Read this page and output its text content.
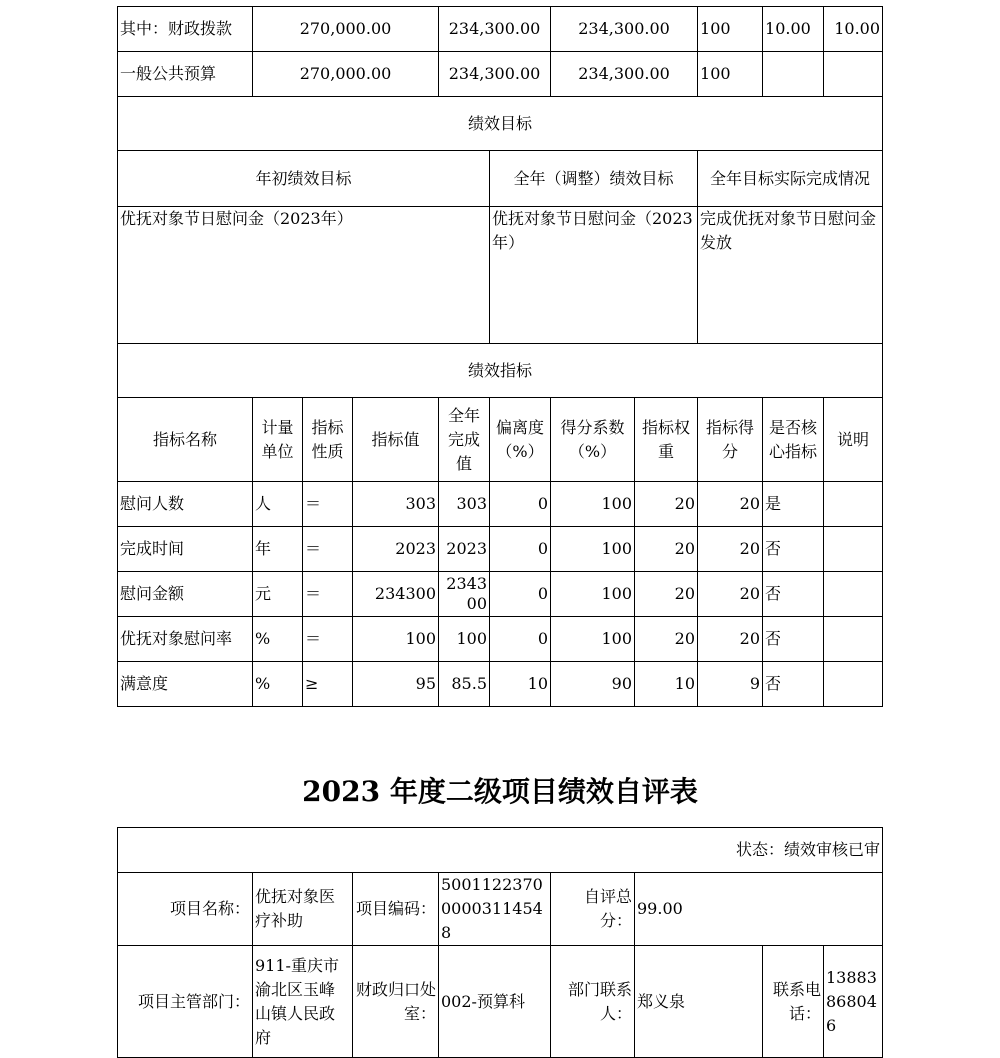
其中：财政拨款	270,000.00			234,300.00		234,300.00		100	10.00	10.00
一般公共预算	270,000.00			234,300.00		234,300.00		100		
绩效目标										
年初绩效目标					全年（调整）绩效目标			全年目标实际完成情况		
优抚对象节日慰问金（2023年）					优抚对象节日慰问金（2023年）			完成优抚对象节日慰问金发放		
绩效指标										
指标名称	计量单位	指标性质	指标值	全年完成值	偏离度（%）	得分系数（%）	指标权重	指标得分	是否核心指标	说明
慰问人数	人	＝	303	303	0	100	20	20	是	
完成时间	年	＝	2023	2023	0	100	20	20	否	
慰问金额	元	＝	234300	234300	0	100	20	20	否	
优抚对象慰问率	%	＝	100	100	0	100	20	20	否	
满意度	%	≥	95	85.5	10	90	10	9	否	
2023 年度二级项目绩效自评表
状态：绩效审核已审							
项目名称：	优抚对象医疗补助	项目编码：	500112237000003114548	自评总分：	99.00		
项目主管部门：	911-重庆市渝北区玉峰山镇人民政府	财政归口处室：	002-预算科	部门联系人：	郑义泉	联系电话：	13883868046
